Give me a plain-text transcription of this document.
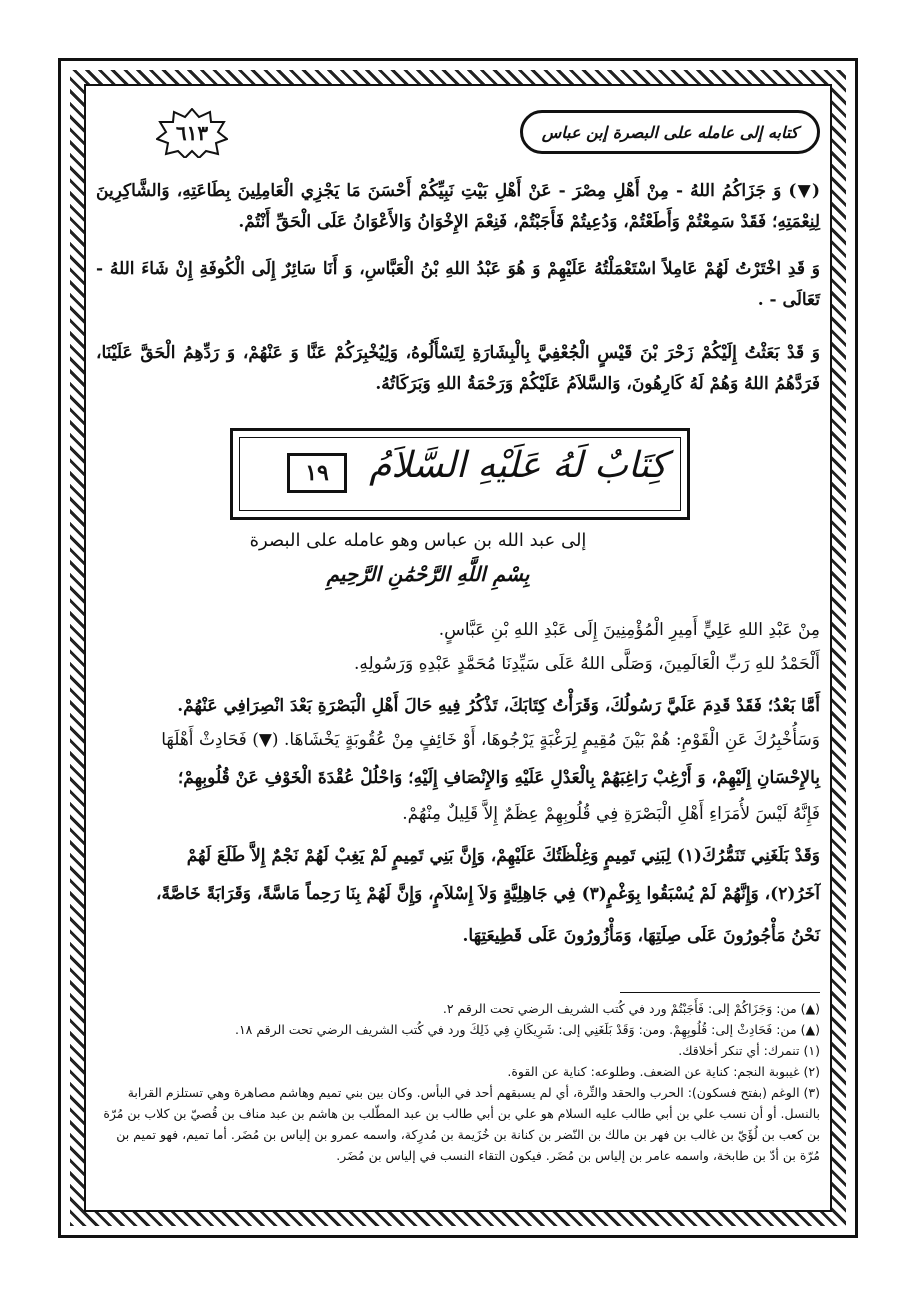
كتابه إلى عامله على البصرة إبن عباس
٦١٣
(▼) وَ جَزَاكُمُ اللهُ - مِنْ أَهْلِ مِصْرَ - عَنْ أَهْلِ بَيْتِ نَبِيِّكُمْ أَحْسَنَ مَا يَجْزِي الْعَامِلِينَ بِطَاعَتِهِ، وَالشَّاكِرِينَ لِنِعْمَتِهِ؛ فَقَدْ سَمِعْتُمْ وَأَطَعْتُمْ، وَدُعِيتُمْ فَأَجَبْتُمْ، فَنِعْمَ الإِخْوَانُ وَالأَعْوَانُ عَلَى الْحَقِّ أَنْتُمْ.
وَ قَدِ اخْتَرْتُ لَهُمْ عَامِلاً اسْتَعْمَلْتُهُ عَلَيْهِمْ وَ هُوَ عَبْدُ اللهِ بْنُ الْعَبَّاسِ، وَ أَنَا سَائِرٌ إِلَى الْكُوفَةِ إِنْ شَاءَ اللهُ - تَعَالَى - .
وَ قَدْ بَعَثْتُ إِلَيْكُمْ زَحْرَ بْنَ قَيْسٍ الْجُعْفِيَّ بِالْبِشَارَةِ لِتَسْأَلُوهُ، وَلِيُخْبِرَكُمْ عَنَّا وَ عَنْهُمْ، وَ رَدِّهِمُ الْحَقَّ عَلَيْنَا، فَرَدَّهُمُ اللهُ وَهُمْ لَهُ كَارِهُونَ، وَالسَّلاَمُ عَلَيْكُمْ وَرَحْمَةُ اللهِ وَبَرَكَاتُهُ.
كِتَابٌ لَهُ عَلَيْهِ السَّلاَمُ
١٩
إلى عبد الله بن عباس وهو عامله على البصرة
بِسْمِ اللَّهِ الرَّحْمَٰنِ الرَّحِيمِ
مِنْ عَبْدِ اللهِ عَلِيٍّ أَمِيرِ الْمُؤْمِنِينَ إِلَى عَبْدِ اللهِ بْنِ عَبَّاسٍ.
أَلْحَمْدُ للهِ رَبِّ الْعَالَمِينَ، وَصَلَّى اللهُ عَلَى سَيِّدِنَا مُحَمَّدٍ عَبْدِهِ وَرَسُولِهِ.
أَمَّا بَعْدُ؛ فَقَدْ قَدِمَ عَلَيَّ رَسُولُكَ، وَقَرَأْتُ كِتَابَكَ، تَذْكُرُ فِيهِ حَالَ أَهْلِ الْبَصْرَةِ بَعْدَ انْصِرَافِي عَنْهُمْ.
وَسَأُخْبِرُكَ عَنِ الْقَوْمِ: هُمْ بَيْنَ مُقِيمٍ لِرَغْبَةٍ يَرْجُوهَا، أَوْ خَائِفٍ مِنْ عُقُوبَةٍ يَخْشَاهَا. (▼) فَحَادِثْ أَهْلَهَا
بِالإِحْسَانِ إِلَيْهِمْ، وَ أَرْغِبْ رَاغِبَهُمْ بِالْعَدْلِ عَلَيْهِ وَالإِنْصَافِ إِلَيْهِ؛ وَاحْلُلْ عُقْدَةَ الْخَوْفِ عَنْ قُلُوبِهِمْ؛
فَإِنَّهُ لَيْسَ لأُمَرَاءِ أَهْلِ الْبَصْرَةِ فِي قُلُوبِهِمْ عِظَمٌ إِلاَّ قَلِيلٌ مِنْهُمْ.
وَقَدْ بَلَغَنِي تَنَمُّرُكَ(١) لِبَنِي تَمِيمٍ وَغِلْظَتُكَ عَلَيْهِمْ، وَإِنَّ بَنِي تَمِيمٍ لَمْ يَغِبْ لَهُمْ نَجْمٌ إِلاَّ طَلَعَ لَهُمْ
آخَرُ(٢)، وَإِنَّهُمْ لَمْ يُسْبَقُوا بِوَغْمٍ(٣) فِي جَاهِلِيَّةٍ وَلاَ إِسْلاَمٍ، وَإِنَّ لَهُمْ بِنَا رَحِماً مَاسَّةً، وَقَرَابَةً خَاصَّةً،
نَحْنُ مَأْجُورُونَ عَلَى صِلَتِهَا، وَمَأْزُورُونَ عَلَى قَطِيعَتِهَا.
(▲) من: وَجَزَاكُمْ إلى: فَأَجَبْتُمْ ورد في كُتب الشريف الرضي تحت الرقم ٢.
(▲) من: فَحَادِثْ إلى: قُلُوبِهِمْ. ومن: وَقَدْ بَلَغَنِي إلى: شَرِيكَانِ فِي ذَلِكَ ورد في كُتب الشريف الرضي تحت الرقم ١٨.
(١) تنمرك: أي تنكر أخلاقك.
(٢) غيبوبة النجم: كناية عن الضعف. وطلوعه: كناية عن القوة.
(٣) الوغم (بفتح فسكون): الحرب والحقد والتِّرة، أي لم يسبقهم أحد في البأس. وكان بين بني تميم وهاشم مصاهرة وهي تستلزم القرابة بالنسل. أو أن نسب علي بن أبي طالب عليه السلام هو علي بن أبي طالب بن عبد المطّلب بن هاشم بن عبد مناف بن قُصيّ بن كلاب بن مُرّة بن كعب بن لُؤَيّ بن غالب بن فهر بن مالك بن النّضر بن كنانة بن خُزَيمة بن مُدرِكة، واسمه عمرو بن إلياس بن مُضَر. أما تميم، فهو تميم بن مُرّة بن أدّ بن طابخة، واسمه عامر بن إلياس بن مُضَر. فيكون التقاء النسب في إلياس بن مُضَر.
